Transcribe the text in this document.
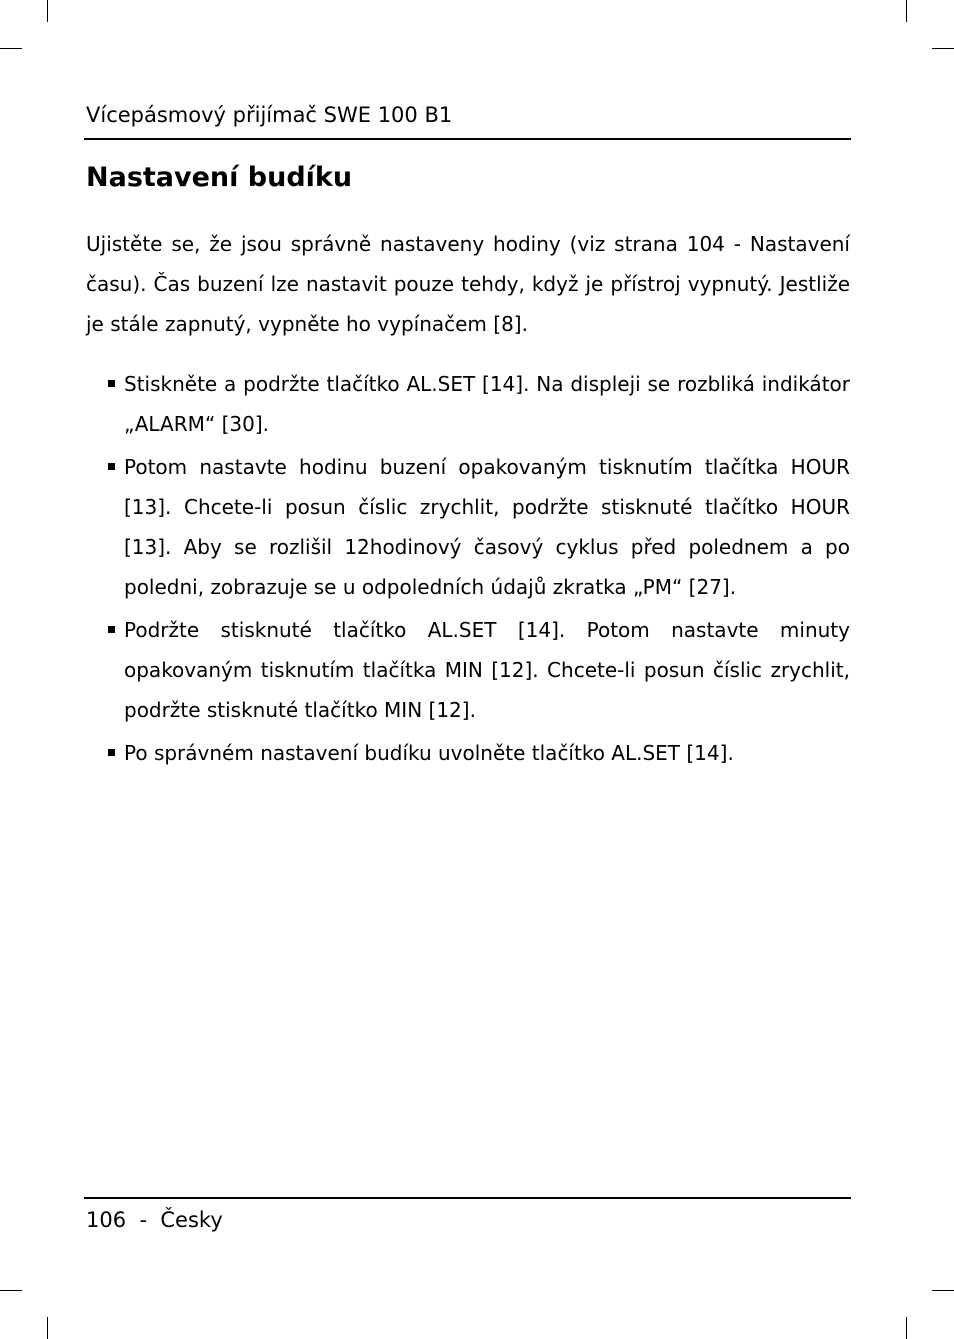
Vícepásmový přijímač SWE 100 B1
Nastavení budíku

Ujistěte se, že jsou správně nastaveny hodiny (viz strana 104 - Nastavení času). Čas buzení lze nastavit pouze tehdy, když je přístroj vypnutý. Jestliže je stále zapnutý, vypněte ho vypínačem [8].

Stiskněte a podržte tlačítko AL.SET [14]. Na displeji se rozbliká indikátor „ALARM“ [30].
Potom nastavte hodinu buzení opakovaným tisknutím tlačítka HOUR [13]. Chcete-li posun číslic zrychlit, podržte stisknuté tlačítko HOUR [13]. Aby se rozlišil 12hodinový časový cyklus před polednem a po poledni, zobrazuje se u odpoledních údajů zkratka „PM“ [27].
Podržte stisknuté tlačítko AL.SET [14]. Potom nastavte minuty opakovaným tisknutím tlačítka MIN [12]. Chcete-li posun číslic zrychlit, podržte stisknuté tlačítko MIN [12].
Po správném nastavení budíku uvolněte tlačítko AL.SET [14].
106 - Česky
